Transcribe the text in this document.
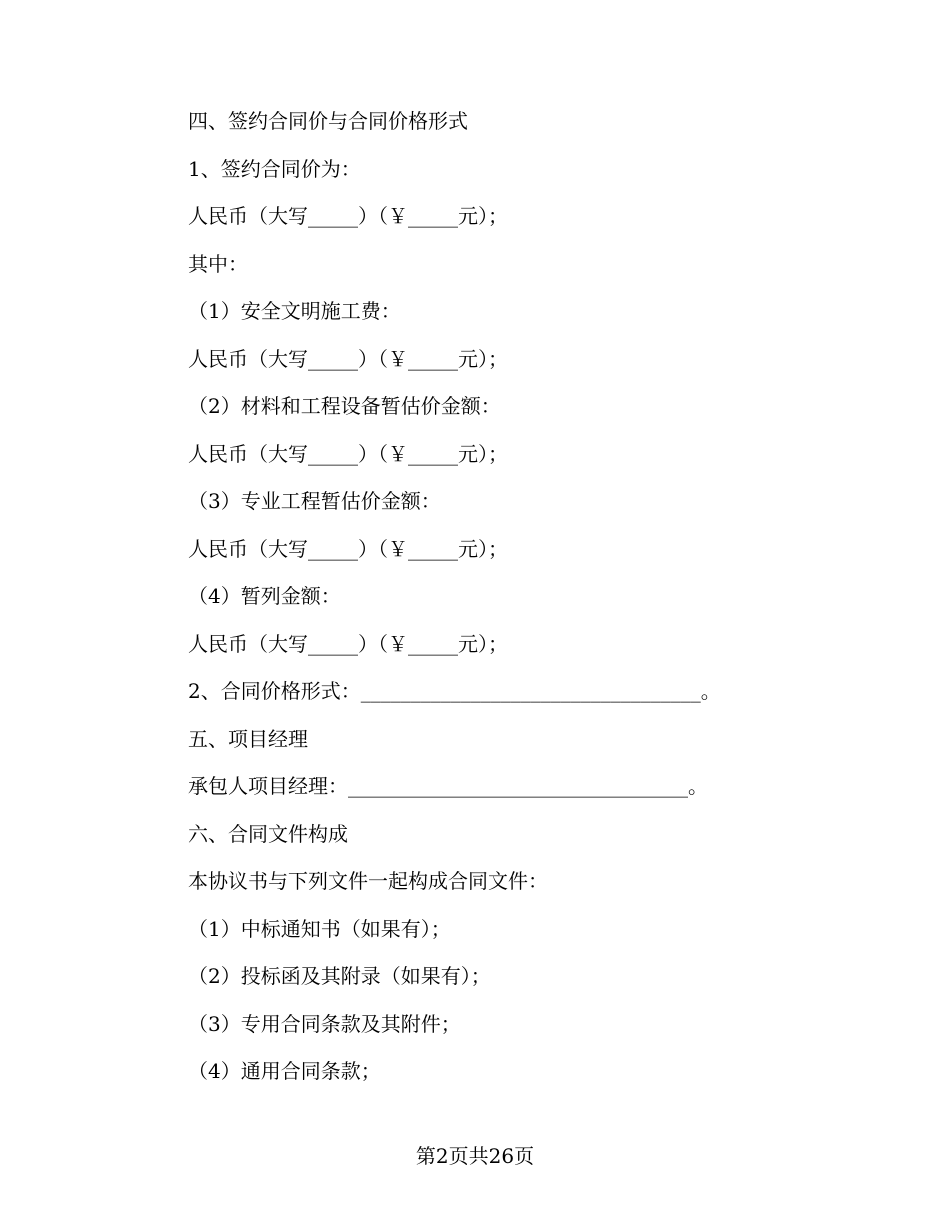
四、签约合同价与合同价格形式
1、签约合同价为：
人民币（大写_____）（￥_____元）；
其中：
（1）安全文明施工费：
人民币（大写_____）（￥_____元）；
（2）材料和工程设备暂估价金额：
人民币（大写_____）（￥_____元）；
（3）专业工程暂估价金额：
人民币（大写_____）（￥_____元）；
（4）暂列金额：
人民币（大写_____）（￥_____元）；
2、合同价格形式：__________________________________。
五、项目经理
承包人项目经理：__________________________________。
六、合同文件构成
本协议书与下列文件一起构成合同文件：
（1）中标通知书（如果有）；
（2）投标函及其附录（如果有）；
（3）专用合同条款及其附件；
（4）通用合同条款；
第2页共26页
